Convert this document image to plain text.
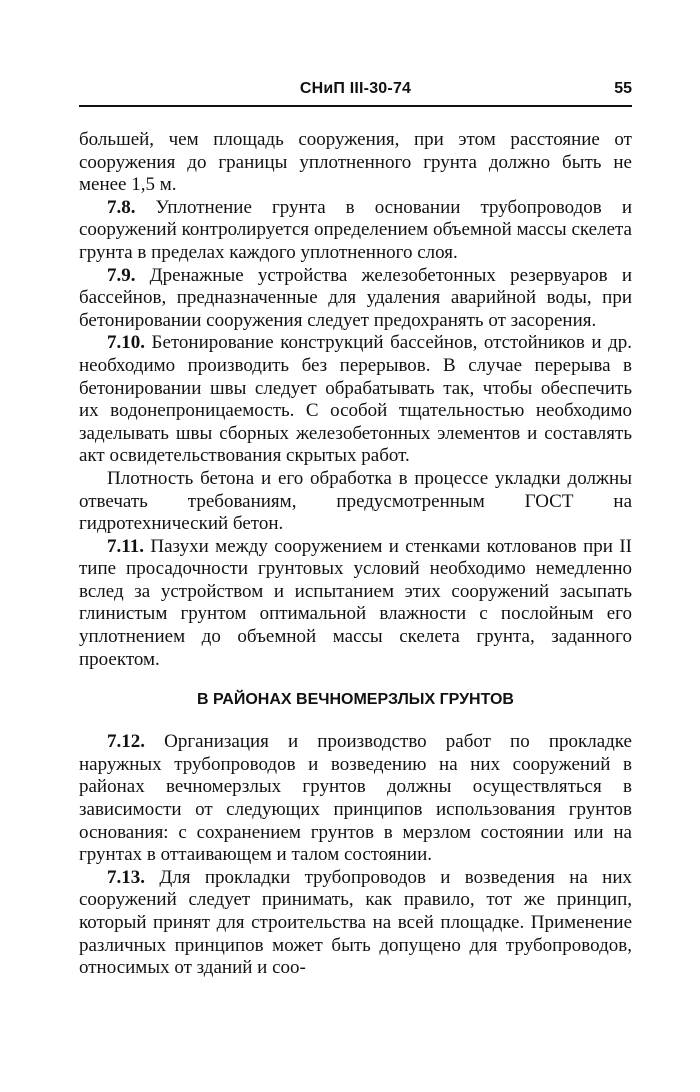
СНиП III-30-74	55

большей, чем площадь сооружения, при этом расстояние от сооружения до границы уплотненного грунта должно быть не менее 1,5 м.

7.8. Уплотнение грунта в основании трубопроводов и сооружений контролируется определением объемной массы скелета грунта в пределах каждого уплотненного слоя.

7.9. Дренажные устройства железобетонных резервуаров и бассейнов, предназначенные для удаления аварийной воды, при бетонировании сооружения следует предохранять от засорения.

7.10. Бетонирование конструкций бассейнов, отстойников и др. необходимо производить без перерывов. В случае перерыва в бетонировании швы следует обрабатывать так, чтобы обеспечить их водонепроницаемость. С особой тщательностью необходимо заделывать швы сборных железобетонных элементов и составлять акт освидетельствования скрытых работ.

Плотность бетона и его обработка в процессе укладки должны отвечать требованиям, предусмотренным ГОСТ на гидротехнический бетон.

7.11. Пазухи между сооружением и стенками котлованов при II типе просадочности грунтовых условий необходимо немедленно вслед за устройством и испытанием этих сооружений засыпать глинистым грунтом оптимальной влажности с послойным его уплотнением до объемной массы скелета грунта, заданного проектом.

В РАЙОНАХ ВЕЧНОМЕРЗЛЫХ ГРУНТОВ

7.12. Организация и производство работ по прокладке наружных трубопроводов и возведению на них сооружений в районах вечномерзлых грунтов должны осуществляться в зависимости от следующих принципов использования грунтов основания: с сохранением грунтов в мерзлом состоянии или на грунтах в оттаивающем и талом состоянии.

7.13. Для прокладки трубопроводов и возведения на них сооружений следует принимать, как правило, тот же принцип, который принят для строительства на всей площадке. Применение различных принципов может быть допущено для трубопроводов, относимых от зданий и соо-
